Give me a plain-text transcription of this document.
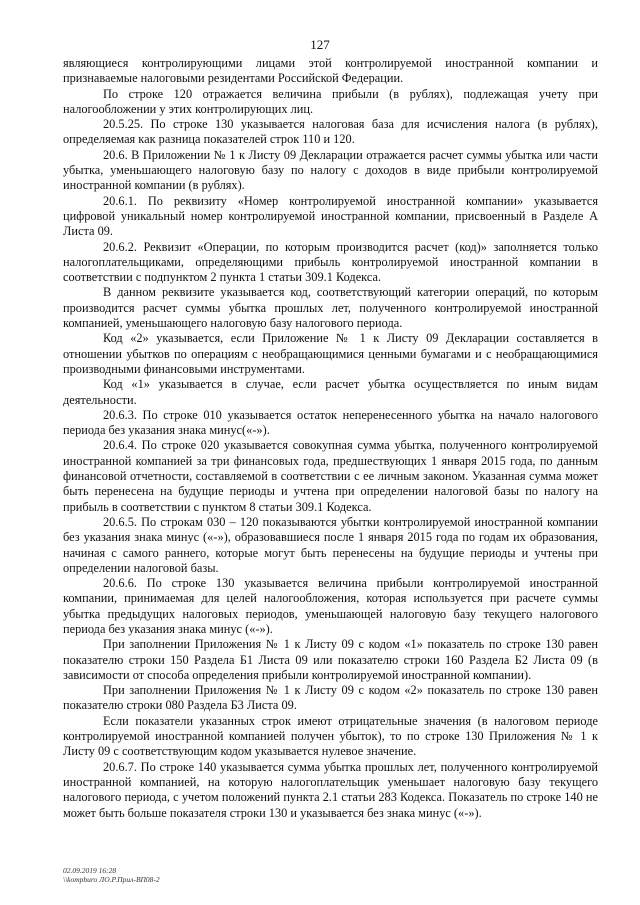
127

являющиеся контролирующими лицами этой контролируемой иностранной компании и признаваемые налоговыми резидентами Российской Федерации.

По строке 120 отражается величина прибыли (в рублях), подлежащая учету при налогообложении у этих контролирующих лиц.

20.5.25. По строке 130 указывается налоговая база для исчисления налога (в рублях), определяемая как разница показателей строк 110 и 120.

20.6. В Приложении № 1 к Листу 09 Декларации отражается расчет суммы убытка или части убытка, уменьшающего налоговую базу по налогу с доходов в виде прибыли контролируемой иностранной компании (в рублях).

20.6.1. По реквизиту «Номер контролируемой иностранной компании» указывается цифровой уникальный номер контролируемой иностранной компании, присвоенный в Разделе А Листа 09.

20.6.2. Реквизит «Операции, по которым производится расчет (код)» заполняется только налогоплательщиками, определяющими прибыль контролируемой иностранной компании в соответствии с подпунктом 2 пункта 1 статьи 309.1 Кодекса.

В данном реквизите указывается код, соответствующий категории операций, по которым производится расчет суммы убытка прошлых лет, полученного контролируемой иностранной компанией, уменьшающего налоговую базу налогового периода.

Код «2» указывается, если Приложение № 1 к Листу 09 Декларации составляется в отношении убытков по операциям с необращающимися ценными бумагами и с необращающимися производными финансовыми инструментами.

Код «1» указывается в случае, если расчет убытка осуществляется по иным видам деятельности.

20.6.3. По строке 010 указывается остаток неперенесенного убытка на начало налогового периода без указания знака минус(«-»).

20.6.4. По строке 020 указывается совокупная сумма убытка, полученного контролируемой иностранной компанией за три финансовых года, предшествующих 1 января 2015 года, по данным финансовой отчетности, составляемой в соответствии с ее личным законом. Указанная сумма может быть перенесена на будущие периоды и учтена при определении налоговой базы по налогу на прибыль в соответствии с пунктом 8 статьи 309.1 Кодекса.

20.6.5. По строкам 030 – 120 показываются убытки контролируемой иностранной компании без указания знака минус («-»), образовавшиеся после 1 января 2015 года по годам их образования, начиная с самого раннего, которые могут быть перенесены на будущие периоды и учтены при определении налоговой базы.

20.6.6. По строке 130 указывается величина прибыли контролируемой иностранной компании, принимаемая для целей налогообложения, которая используется при расчете суммы убытка предыдущих налоговых периодов, уменьшающей налоговую базу текущего налогового периода без указания знака минус («-»).

При заполнении Приложения № 1 к Листу 09 с кодом «1» показатель по строке 130 равен показателю строки 150 Раздела Б1 Листа 09 или показателю строки 160 Раздела Б2 Листа 09 (в зависимости от способа определения прибыли контролируемой иностранной компании).

При заполнении Приложения № 1 к Листу 09 с кодом «2» показатель по строке 130 равен показателю строки 080 Раздела Б3 Листа 09.

Если показатели указанных строк имеют отрицательные значения (в налоговом периоде контролируемой иностранной компанией получен убыток), то по строке 130 Приложения № 1 к Листу 09 с соответствующим кодом указывается нулевое значение.

20.6.7. По строке 140 указывается сумма убытка прошлых лет, полученного контролируемой иностранной компанией, на которую налогоплательщик уменьшает налоговую базу текущего налогового периода, с учетом положений пункта 2.1 статьи 283 Кодекса. Показатель по строке 140 не может быть больше показателя строки 130 и указывается без знака минус («-»).

02.09.2019 16:28
\\kompburo ЛО.Р.Прил-ВП08-2
